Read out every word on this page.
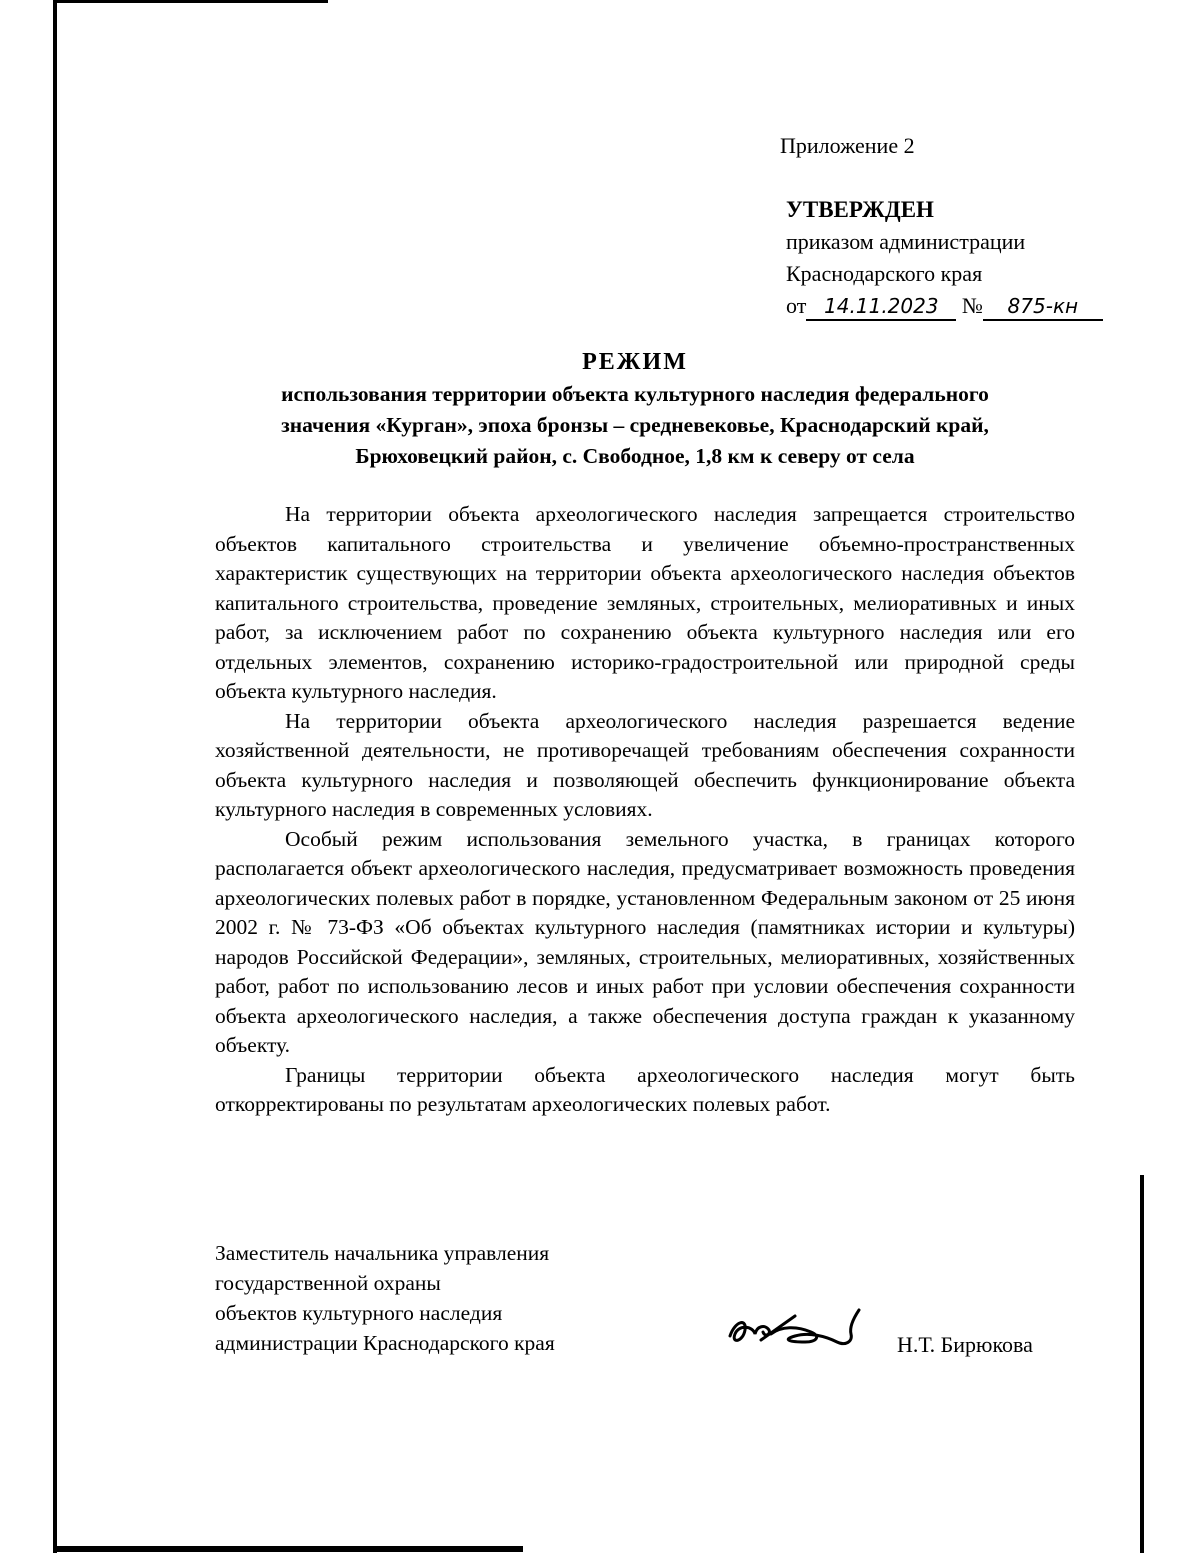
Приложение 2
УТВЕРЖДЕН
приказом администрации
Краснодарского края
от 14.11.2023 № 875-кн
РЕЖИМ
использования территории объекта культурного наследия федерального
значения «Курган», эпоха бронзы – средневековье, Краснодарский край,
Брюховецкий район, с. Свободное, 1,8 км к северу от села

На территории объекта археологического наследия запрещается строительство объектов капитального строительства и увеличение объемно-пространственных характеристик существующих на территории объекта археологического наследия объектов капитального строительства, проведение земляных, строительных, мелиоративных и иных работ, за исключением работ по сохранению объекта культурного наследия или его отдельных элементов, сохранению историко-градостроительной или природной среды объекта культурного наследия.

На территории объекта археологического наследия разрешается ведение хозяйственной деятельности, не противоречащей требованиям обеспечения сохранности объекта культурного наследия и позволяющей обеспечить функционирование объекта культурного наследия в современных условиях.

Особый режим использования земельного участка, в границах которого располагается объект археологического наследия, предусматривает возможность проведения археологических полевых работ в порядке, установленном Федеральным законом от 25 июня 2002 г. № 73-ФЗ «Об объектах культурного наследия (памятниках истории и культуры) народов Российской Федерации», земляных, строительных, мелиоративных, хозяйственных работ, работ по использованию лесов и иных работ при условии обеспечения сохранности объекта археологического наследия, а также обеспечения доступа граждан к указанному объекту.

Границы территории объекта археологического наследия могут быть откорректированы по результатам археологических полевых работ.

Заместитель начальника управления
государственной охраны
объектов культурного наследия
администрации Краснодарского края	Н.Т. Бирюкова
